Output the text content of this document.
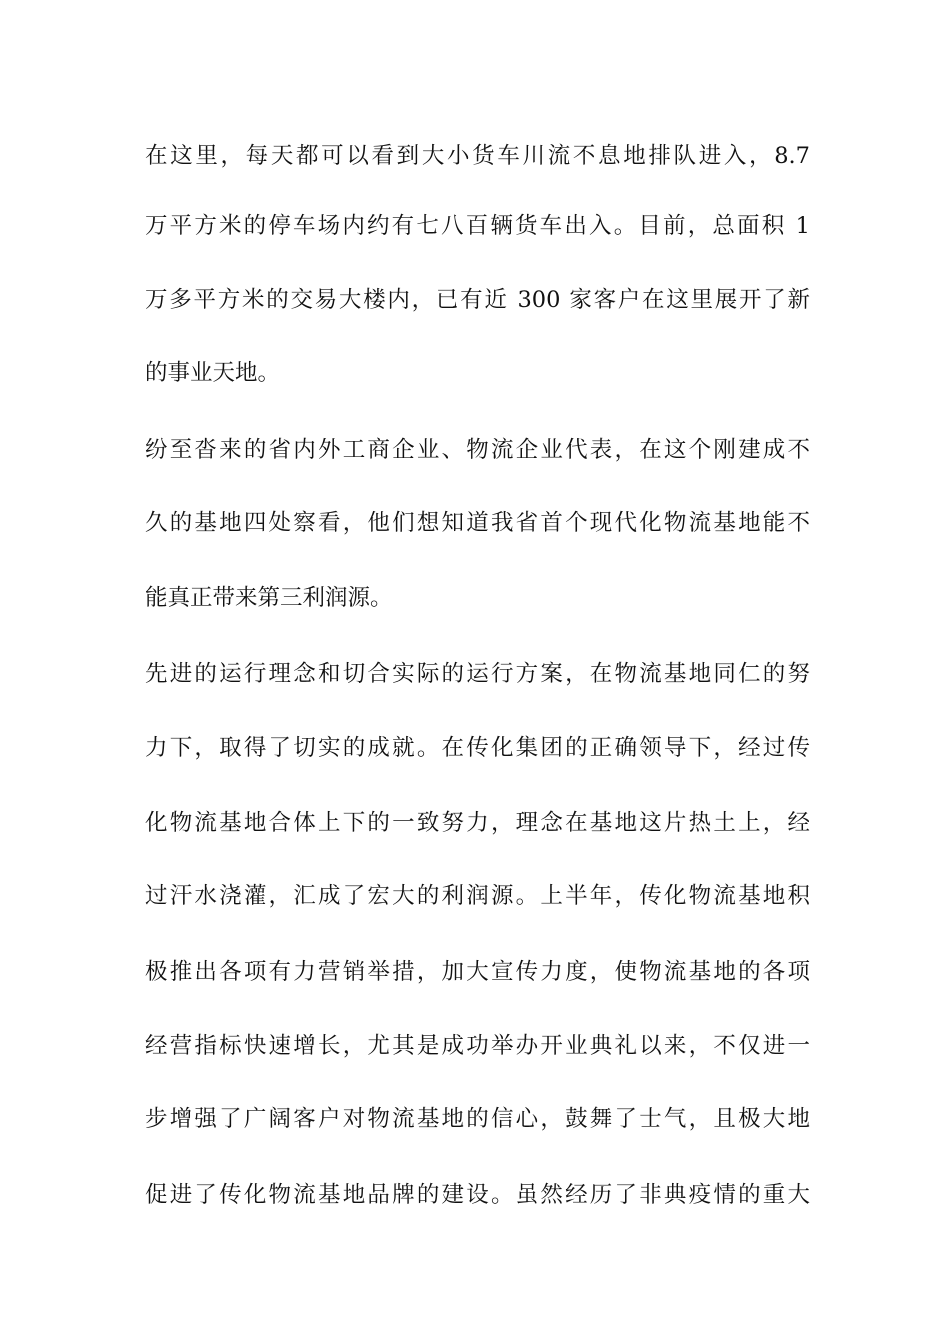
在这里，每天都可以看到大小货车川流不息地排队进入，8.7
万平方米的停车场内约有七八百辆货车出入。目前，总面积 1
万多平方米的交易大楼内，已有近 300 家客户在这里展开了新
的事业天地。
纷至沓来的省内外工商企业、物流企业代表，在这个刚建成不
久的基地四处察看，他们想知道我省首个现代化物流基地能不
能真正带来第三利润源。
先进的运行理念和切合实际的运行方案，在物流基地同仁的努
力下，取得了切实的成就。在传化集团的正确领导下，经过传
化物流基地合体上下的一致努力，理念在基地这片热土上，经
过汗水浇灌，汇成了宏大的利润源。上半年，传化物流基地积
极推出各项有力营销举措，加大宣传力度，使物流基地的各项
经营指标快速增长，尤其是成功举办开业典礼以来，不仅进一
步增强了广阔客户对物流基地的信心，鼓舞了士气，且极大地
促进了传化物流基地品牌的建设。虽然经历了非典疫情的重大
